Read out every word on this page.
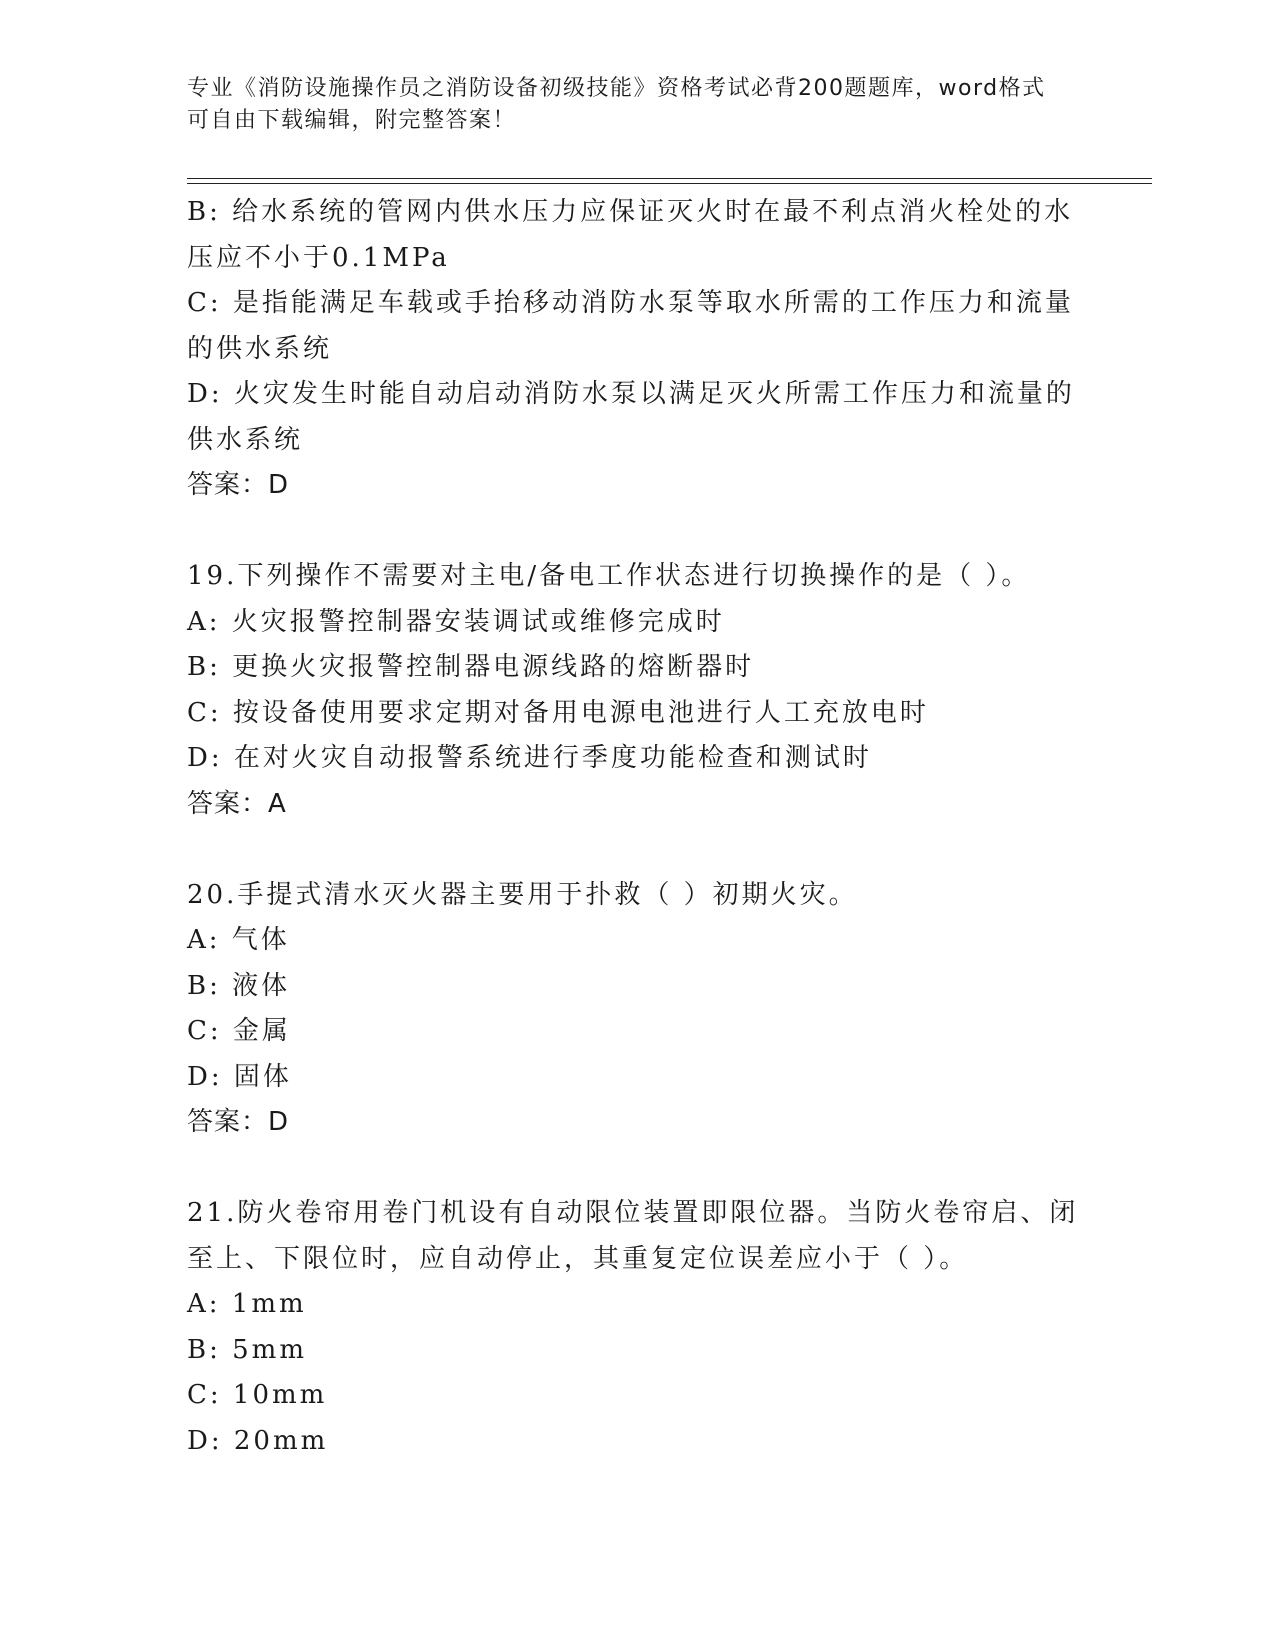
专业《消防设施操作员之消防设备初级技能》资格考试必背200题题库，word格式可自由下载编辑，附完整答案！
B: 给水系统的管网内供水压力应保证灭火时在最不利点消火栓处的水
压应不小于0.1MPa
C: 是指能满足车载或手抬移动消防水泵等取水所需的工作压力和流量
的供水系统
D: 火灾发生时能自动启动消防水泵以满足灭火所需工作压力和流量的
供水系统
答案：D
19.下列操作不需要对主电/备电工作状态进行切换操作的是（ ）。
A: 火灾报警控制器安装调试或维修完成时
B: 更换火灾报警控制器电源线路的熔断器时
C: 按设备使用要求定期对备用电源电池进行人工充放电时
D: 在对火灾自动报警系统进行季度功能检查和测试时
答案：A
20.手提式清水灭火器主要用于扑救（ ）初期火灾。
A: 气体
B: 液体
C: 金属
D: 固体
答案：D
21.防火卷帘用卷门机设有自动限位装置即限位器。当防火卷帘启、闭
至上、下限位时，应自动停止，其重复定位误差应小于（ ）。
A: 1mm
B: 5mm
C: 10mm
D: 20mm
